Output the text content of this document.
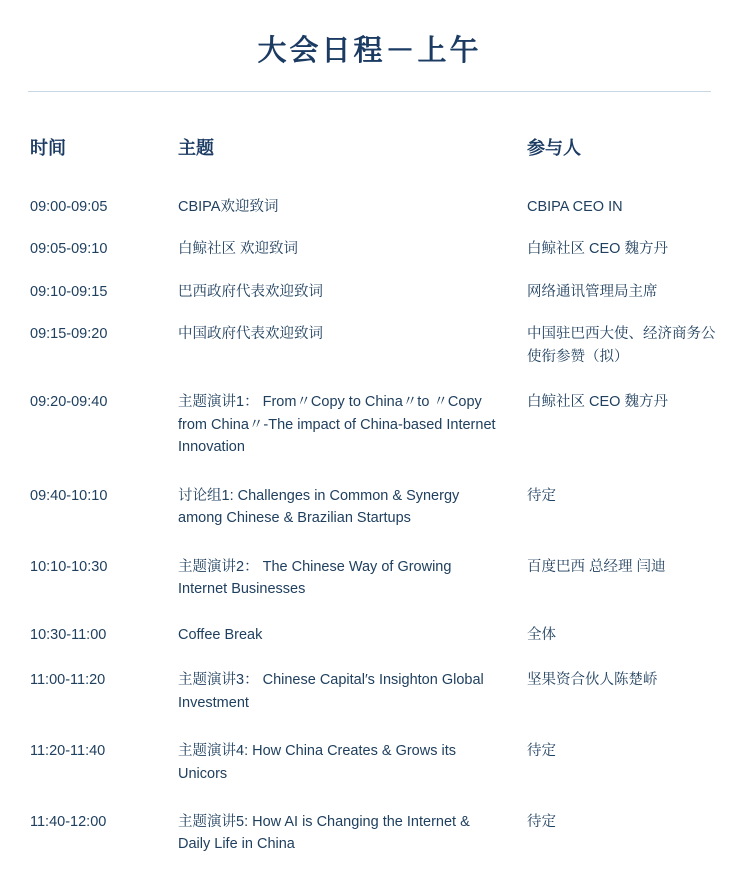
大会日程－上午
时间	主题	参与人
09:00-09:05	CBIPA欢迎致词	CBIPA CEO IN
09:05-09:10	白鲸社区 欢迎致词	白鲸社区 CEO 魏方丹
09:10-09:15	巴西政府代表欢迎致词	网络通讯管理局主席
09:15-09:20	中国政府代表欢迎致词	中国驻巴西大使、经济商务公使衔参赞（拟）
09:20-09:40	主题演讲1： From〃Copy to China〃to 〃Copy from China〃-The impact of China-based Internet Innovation	白鲸社区 CEO 魏方丹
09:40-10:10	讨论组1: Challenges in Common & Synergy among Chinese & Brazilian Startups	待定
10:10-10:30	主题演讲2： The Chinese Way of Growing Internet Businesses	百度巴西 总经理 闫迪
10:30-11:00	Coffee Break	全体
11:00-11:20	主题演讲3： Chinese Capital′s Insighton Global Investment	坚果资合伙人陈楚峤
11:20-11:40	主题演讲4: How China Creates & Grows its Unicors	待定
11:40-12:00	主题演讲5: How AI is Changing the Internet & Daily Life in China	待定
